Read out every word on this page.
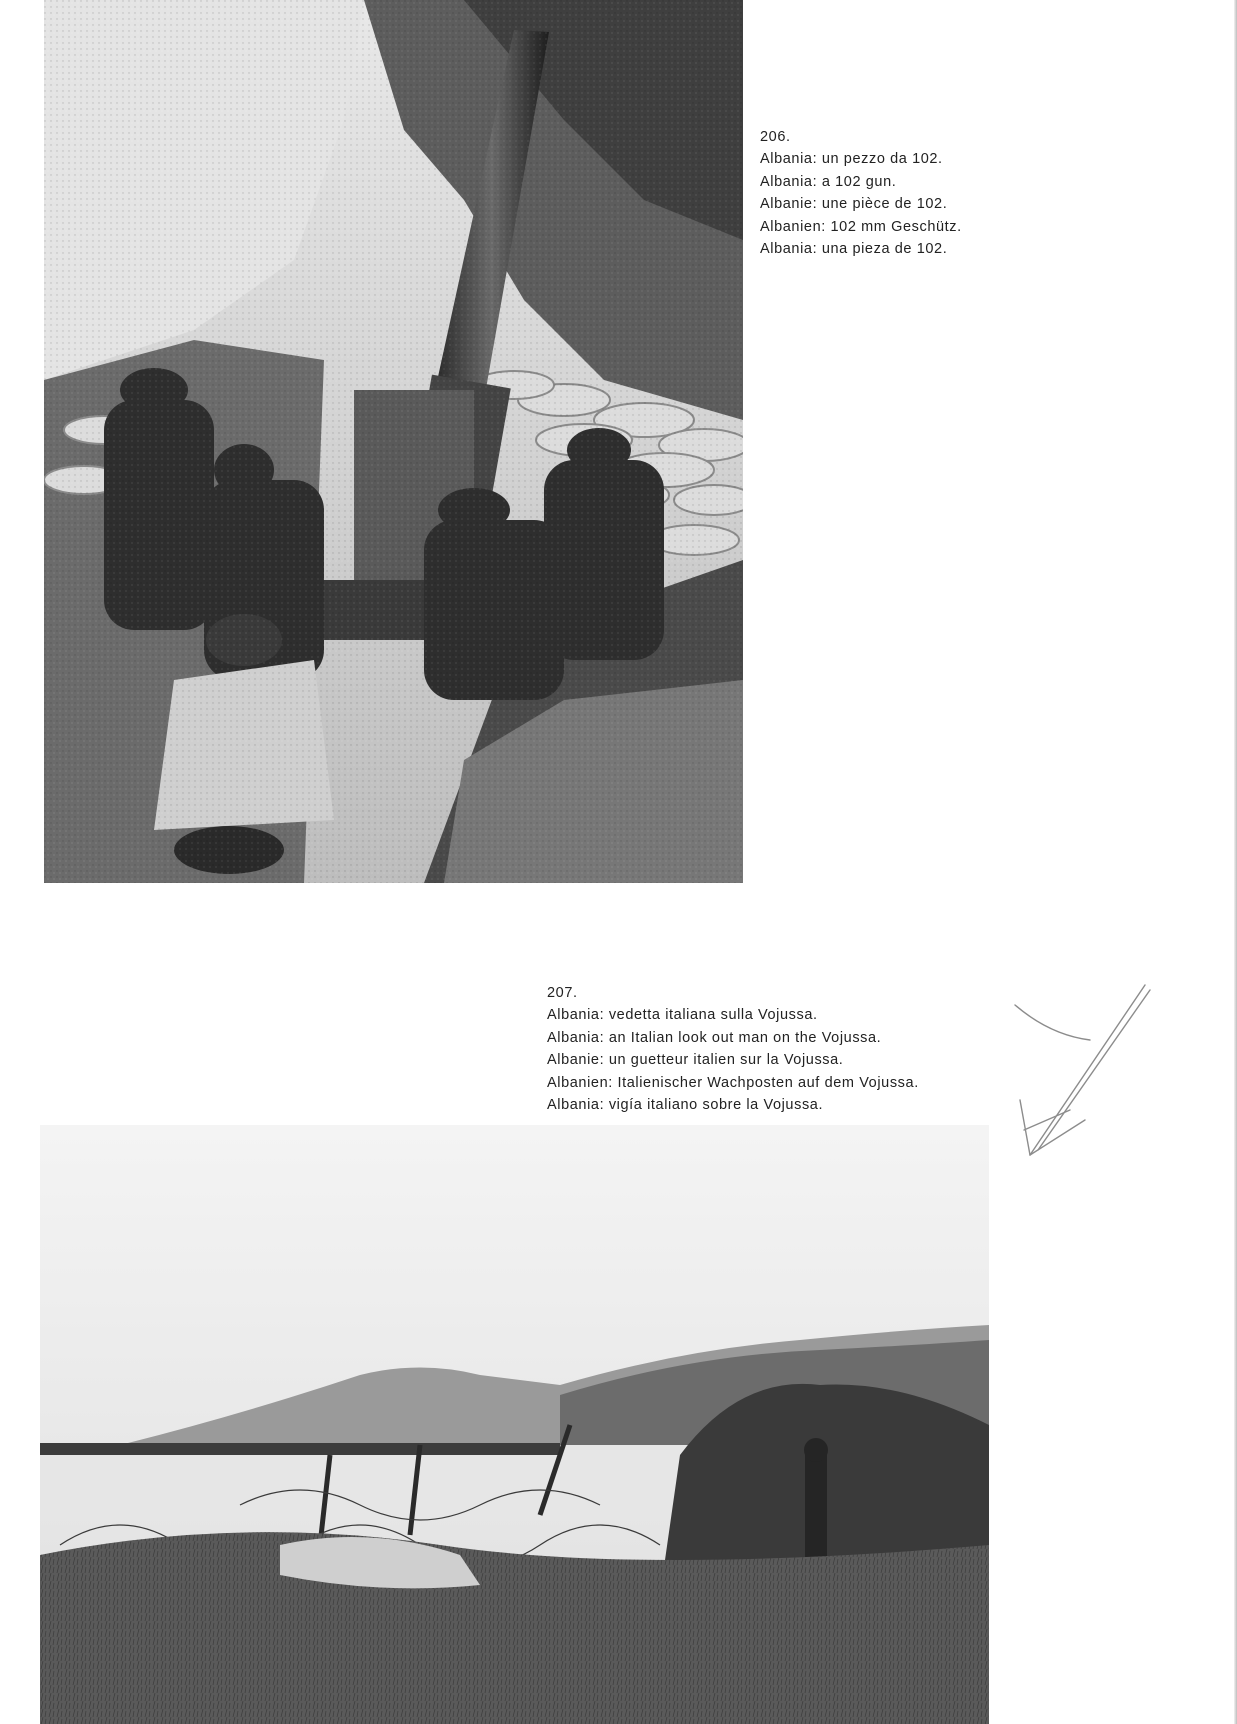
206.
Albania: un pezzo da 102.
Albania: a 102 gun.
Albanie: une pièce de 102.
Albanien: 102 mm Geschütz.
Albania: una pieza de 102.
207.
Albania: vedetta italiana sulla Vojussa.
Albania: an Italian look out man on the Vojussa.
Albanie: un guetteur italien sur la Vojussa.
Albanien: Italienischer Wachposten auf dem Vojussa.
Albania: vigía italiano sobre la Vojussa.
